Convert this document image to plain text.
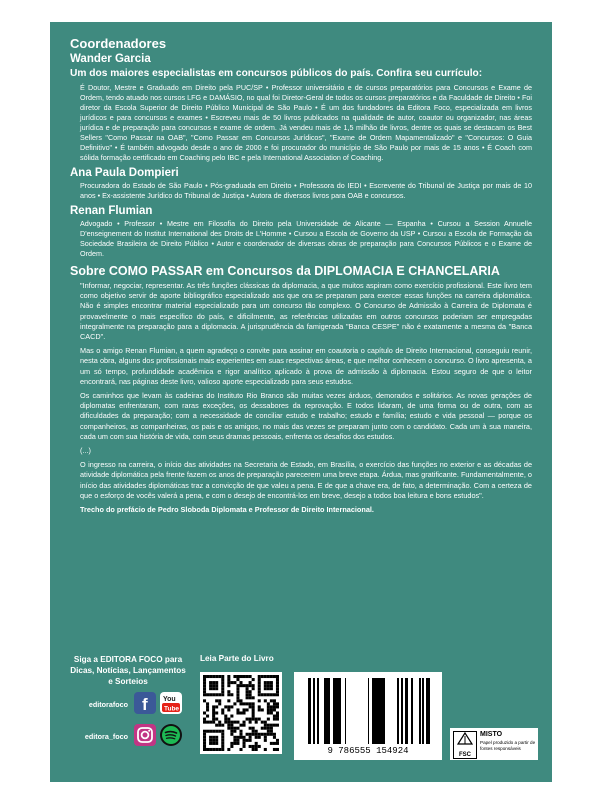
Coordenadores
Wander Garcia

Um dos maiores especialistas em concursos públicos do país. Confira seu currículo:

É Doutor, Mestre e Graduado em Direito pela PUC/SP • Professor universitário e de cursos preparatórios para Concursos e Exame de Ordem, tendo atuado nos cursos LFG e DAMÁSIO, no qual foi Diretor-Geral de todos os cursos preparatórios e da Faculdade de Direito • Foi diretor da Escola Superior de Direito Público Municipal de São Paulo • É um dos fundadores da Editora Foco, especializada em livros jurídicos e para concursos e exames • Escreveu mais de 50 livros publicados na qualidade de autor, coautor ou organizador, nas áreas jurídica e de preparação para concursos e exame de ordem. Já vendeu mais de 1,5 milhão de livros, dentre os quais se destacam os Best Sellers "Como Passar na OAB", "Como Passar em Concursos Jurídicos", "Exame de Ordem Mapamentalizado" e "Concursos: O Guia Definitivo" • É também advogado desde o ano de 2000 e foi procurador do município de São Paulo por mais de 15 anos • É Coach com sólida formação certificado em Coaching pelo IBC e pela International Association of Coaching.

Ana Paula Dompieri

Procuradora do Estado de São Paulo • Pós-graduada em Direito • Professora do IEDI • Escrevente do Tribunal de Justiça por mais de 10 anos • Ex-assistente Jurídico do Tribunal de Justiça • Autora de diversos livros para OAB e concursos.

Renan Flumian

Advogado • Professor • Mestre em Filosofia do Direito pela Universidade de Alicante — Espanha • Cursou a Session Annuelle D'enseignement do Institut International des Droits de L'Homme • Cursou a Escola de Governo da USP • Cursou a Escola de Formação da Sociedade Brasileira de Direito Público • Autor e coordenador de diversas obras de preparação para Concursos Públicos e o Exame de Ordem.

Sobre COMO PASSAR em Concursos da DIPLOMACIA E CHANCELARIA

"Informar, negociar, representar. As três funções clássicas da diplomacia, a que muitos aspiram como exercício profissional. Este livro tem como objetivo servir de aporte bibliográfico especializado aos que ora se preparam para exercer essas funções na carreira diplomática. Não é simples encontrar material especializado para um concurso tão complexo. O Concurso de Admissão à Carreira de Diplomata é provavelmente o mais específico do país, e dificilmente, as referências utilizadas em outros concursos poderiam ser empregadas integralmente na preparação para a diplomacia. A jurisprudência da famigerada "Banca CESPE" não é exatamente a mesma da "Banca CACD".

Mas o amigo Renan Flumian, a quem agradeço o convite para assinar em coautoria o capítulo de Direito Internacional, conseguiu reunir, nesta obra, alguns dos profissionais mais experientes em suas respectivas áreas, e que melhor conhecem o concurso. O livro apresenta, a um só tempo, profundidade acadêmica e rigor analítico aplicado à prova de admissão à diplomacia. Estou seguro de que o leitor encontrará, nas páginas deste livro, valioso aporte especializado para seus estudos.

Os caminhos que levam às cadeiras do Instituto Rio Branco são muitas vezes árduos, demorados e solitários. As novas gerações de diplomatas enfrentaram, com raras exceções, os dessabores da reprovação. E todos lidaram, de uma forma ou de outra, com as dificuldades da preparação; com a necessidade de conciliar estudo e trabalho; estudo e família; estudo e vida pessoal — porque os companheiros, as companheiras, os pais e os amigos, no mais das vezes se preparam junto com o candidato. Cada um à sua maneira, cada um com sua história de vida, com seus dramas pessoais, enfrenta os desafios dos estudos.

(...)

O ingresso na carreira, o início das atividades na Secretaria de Estado, em Brasília, o exercício das funções no exterior e as décadas de atividade diplomática pela frente fazem os anos de preparação parecerem uma breve etapa. Árdua, mas gratificante. Fundamentalmente, o início das atividades diplomáticas traz a convicção de que valeu a pena. E de que a chave era, de fato, a determinação. Com a certeza de que o esforço de vocês valerá a pena, e com o desejo de encontrá-los em breve, desejo a todos boa leitura e bons estudos".

Trecho do prefácio de Pedro Sloboda Diplomata e Professor de Direito Internacional.

Siga a EDITORA FOCO para Dicas, Notícias, Lançamentos e Sorteios
editorafoco f You
Tube
editora_foco
Leia Parte do Livro
9 786555 154924	FSC
MISTO
Papel produzido a partir de fontes responsáveis
